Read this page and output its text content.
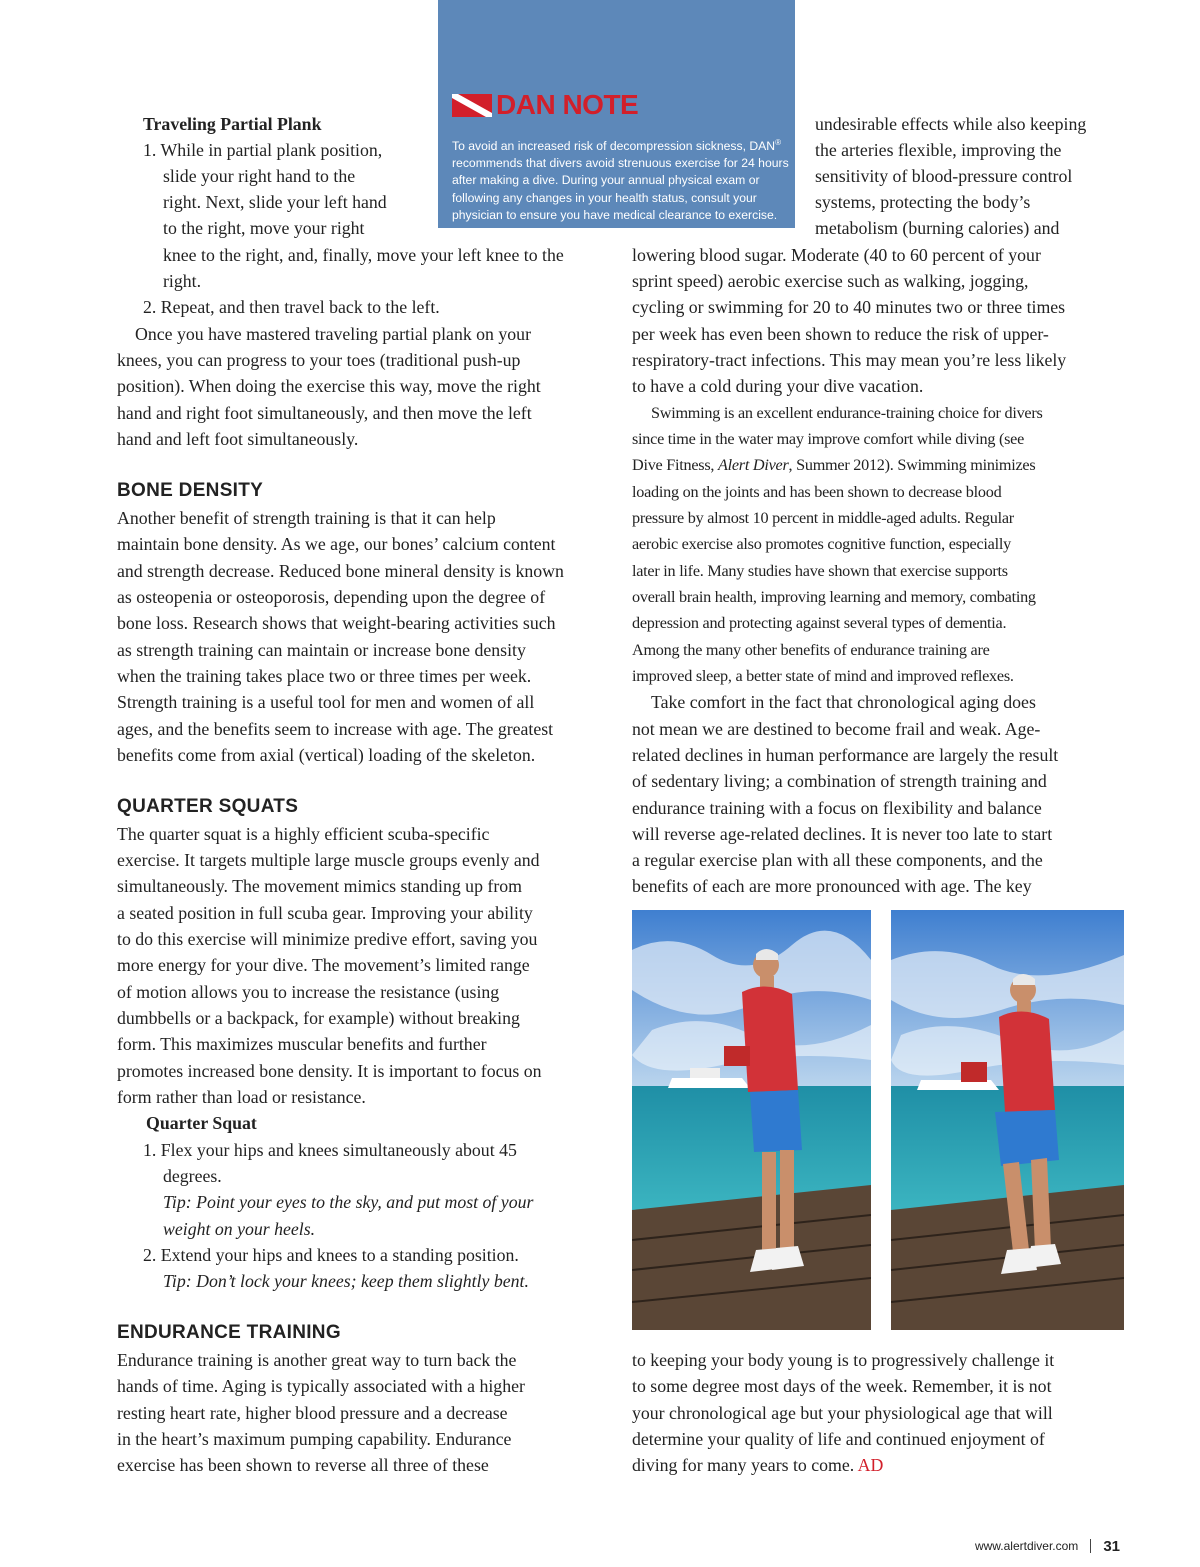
DAN NOTE
To avoid an increased risk of decompression sickness, DAN® recommends that divers avoid strenuous exercise for 24 hours after making a dive. During your annual physical exam or following any changes in your health status, consult your physician to ensure you have medical clearance to exercise.
Traveling Partial Plank
1. While in partial plank position,
slide your right hand to the
right. Next, slide your left hand
to the right, move your right
knee to the right, and, finally, move your left knee to the
right.
2. Repeat, and then travel back to the left.
Once you have mastered traveling partial plank on your
knees, you can progress to your toes (traditional push-up
position). When doing the exercise this way, move the right
hand and right foot simultaneously, and then move the left
hand and left foot simultaneously.
BONE DENSITY
Another benefit of strength training is that it can help
maintain bone density. As we age, our bones’ calcium content
and strength decrease. Reduced bone mineral density is known
as osteopenia or osteoporosis, depending upon the degree of
bone loss. Research shows that weight-bearing activities such
as strength training can maintain or increase bone density
when the training takes place two or three times per week.
Strength training is a useful tool for men and women of all
ages, and the benefits seem to increase with age. The greatest
benefits come from axial (vertical) loading of the skeleton.
QUARTER SQUATS
The quarter squat is a highly efficient scuba-specific
exercise. It targets multiple large muscle groups evenly and
simultaneously. The movement mimics standing up from
a seated position in full scuba gear. Improving your ability
to do this exercise will minimize predive effort, saving you
more energy for your dive. The movement’s limited range
of motion allows you to increase the resistance (using
dumbbells or a backpack, for example) without breaking
form. This maximizes muscular benefits and further
promotes increased bone density. It is important to focus on
form rather than load or resistance.
Quarter Squat
1. Flex your hips and knees simultaneously about 45
degrees.
Tip: Point your eyes to the sky, and put most of your
weight on your heels.
2. Extend your hips and knees to a standing position.
Tip: Don’t lock your knees; keep them slightly bent.
ENDURANCE TRAINING
Endurance training is another great way to turn back the
hands of time. Aging is typically associated with a higher
resting heart rate, higher blood pressure and a decrease
in the heart’s maximum pumping capability. Endurance
exercise has been shown to reverse all three of these
undesirable effects while also keeping
the arteries flexible, improving the
sensitivity of blood-pressure control
systems, protecting the body’s
metabolism (burning calories) and
lowering blood sugar. Moderate (40 to 60 percent of your
sprint speed) aerobic exercise such as walking, jogging,
cycling or swimming for 20 to 40 minutes two or three times
per week has even been shown to reduce the risk of upper-
respiratory-tract infections. This may mean you’re less likely
to have a cold during your dive vacation.
Swimming is an excellent endurance-training choice for divers
since time in the water may improve comfort while diving (see
Dive Fitness, Alert Diver, Summer 2012). Swimming minimizes
loading on the joints and has been shown to decrease blood
pressure by almost 10 percent in middle-aged adults. Regular
aerobic exercise also promotes cognitive function, especially
later in life. Many studies have shown that exercise supports
overall brain health, improving learning and memory, combating
depression and protecting against several types of dementia.
Among the many other benefits of endurance training are
improved sleep, a better state of mind and improved reflexes.
Take comfort in the fact that chronological aging does
not mean we are destined to become frail and weak. Age-
related declines in human performance are largely the result
of sedentary living; a combination of strength training and
endurance training with a focus on flexibility and balance
will reverse age-related declines. It is never too late to start
a regular exercise plan with all these components, and the
benefits of each are more pronounced with age. The key
to keeping your body young is to progressively challenge it
to some degree most days of the week. Remember, it is not
your chronological age but your physiological age that will
determine your quality of life and continued enjoyment of
diving for many years to come. AD
www.alertdiver.com 31
